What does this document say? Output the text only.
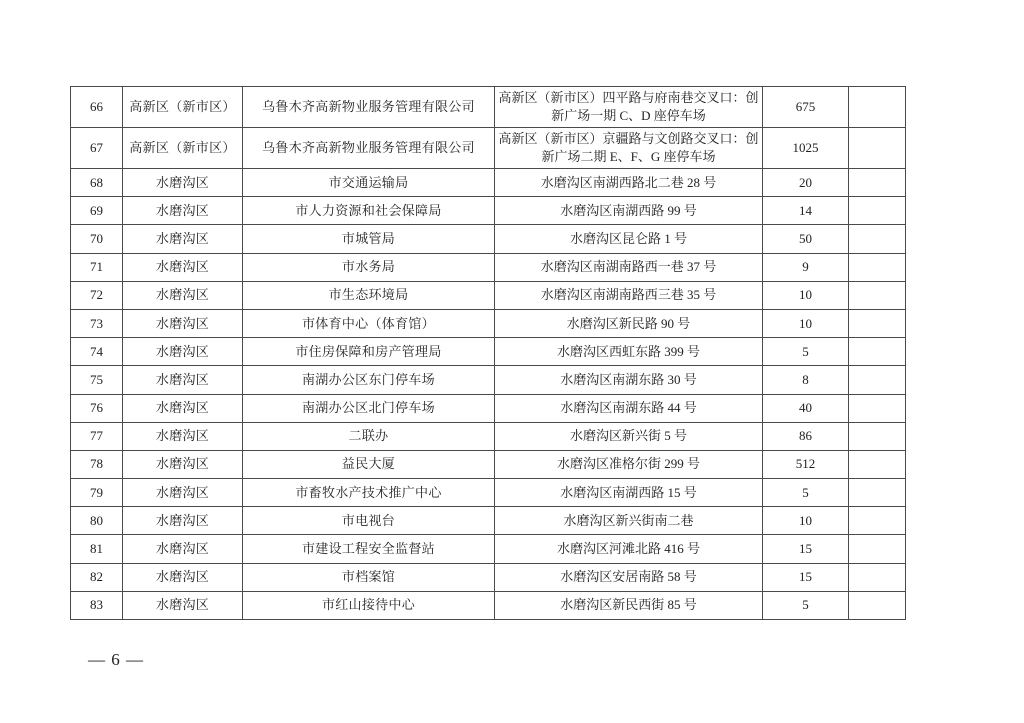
66	高新区（新市区）	乌鲁木齐高新物业服务管理有限公司	高新区（新市区）四平路与府南巷交叉口：创新广场一期 C、D 座停车场	675	
67	高新区（新市区）	乌鲁木齐高新物业服务管理有限公司	高新区（新市区）京疆路与文创路交叉口：创新广场二期 E、F、G 座停车场	1025	
68	水磨沟区	市交通运输局	水磨沟区南湖西路北二巷 28 号	20	
69	水磨沟区	市人力资源和社会保障局	水磨沟区南湖西路 99 号	14	
70	水磨沟区	市城管局	水磨沟区昆仑路 1 号	50	
71	水磨沟区	市水务局	水磨沟区南湖南路西一巷 37 号	9	
72	水磨沟区	市生态环境局	水磨沟区南湖南路西三巷 35 号	10	
73	水磨沟区	市体育中心（体育馆）	水磨沟区新民路 90 号	10	
74	水磨沟区	市住房保障和房产管理局	水磨沟区西虹东路 399 号	5	
75	水磨沟区	南湖办公区东门停车场	水磨沟区南湖东路 30 号	8	
76	水磨沟区	南湖办公区北门停车场	水磨沟区南湖东路 44 号	40	
77	水磨沟区	二联办	水磨沟区新兴街 5 号	86	
78	水磨沟区	益民大厦	水磨沟区准格尔街 299 号	512	
79	水磨沟区	市畜牧水产技术推广中心	水磨沟区南湖西路 15 号	5	
80	水磨沟区	市电视台	水磨沟区新兴街南二巷	10	
81	水磨沟区	市建设工程安全监督站	水磨沟区河滩北路 416 号	15	
82	水磨沟区	市档案馆	水磨沟区安居南路 58 号	15	
83	水磨沟区	市红山接待中心	水磨沟区新民西街 85 号	5	
— 6 —
